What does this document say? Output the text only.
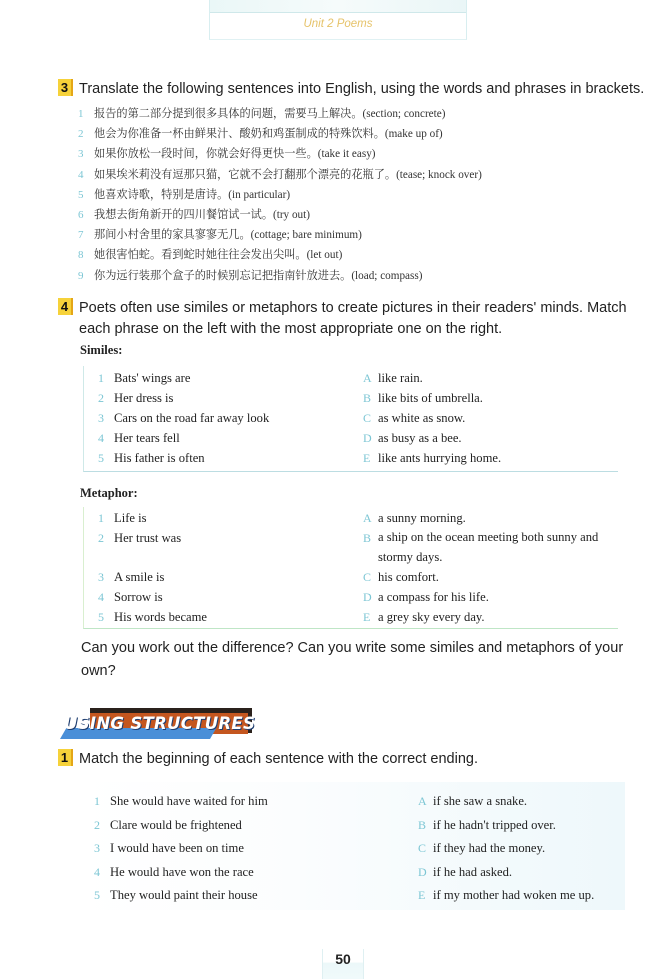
Unit 2 Poems
3 Translate the following sentences into English, using the words and phrases in brackets.
1 报告的第二部分提到很多具体的问题，需要马上解决。(section; concrete)
2 他会为你准备一杯由鲜果汁、酸奶和鸡蛋制成的特殊饮料。(make up of)
3 如果你放松一段时间，你就会好得更快一些。(take it easy)
4 如果埃米莉没有逗那只猫，它就不会打翻那个漂亮的花瓶了。(tease; knock over)
5 他喜欢诗歌，特别是唐诗。(in particular)
6 我想去街角新开的四川餐馆试一试。(try out)
7 那间小村舍里的家具寥寥无几。(cottage; bare minimum)
8 她很害怕蛇。看到蛇时她往往会发出尖叫。(let out)
9 你为远行装那个盒子的时候别忘记把指南针放进去。(load; compass)
4 Poets often use similes or metaphors to create pictures in their readers' minds. Match
each phrase on the left with the most appropriate one on the right.
Similes:
1 Bats' wings are	A like rain.
2 Her dress is	B like bits of umbrella.
3 Cars on the road far away look	C as white as snow.
4 Her tears fell	D as busy as a bee.
5 His father is often	E like ants hurrying home.
Metaphor:
1 Life is	A a sunny morning.
2 Her trust was	B a ship on the ocean meeting both sunny and stormy days.
3 A smile is	C his comfort.
4 Sorrow is	D a compass for his life.
5 His words became	E a grey sky every day.
Can you work out the difference? Can you write some similes and metaphors of your
own?
USING STRUCTURES
1 Match the beginning of each sentence with the correct ending.
1 She would have waited for him	A if she saw a snake.
2 Clare would be frightened	B if he hadn't tripped over.
3 I would have been on time	C if they had the money.
4 He would have won the race	D if he had asked.
5 They would paint their house	E if my mother had woken me up.
50
